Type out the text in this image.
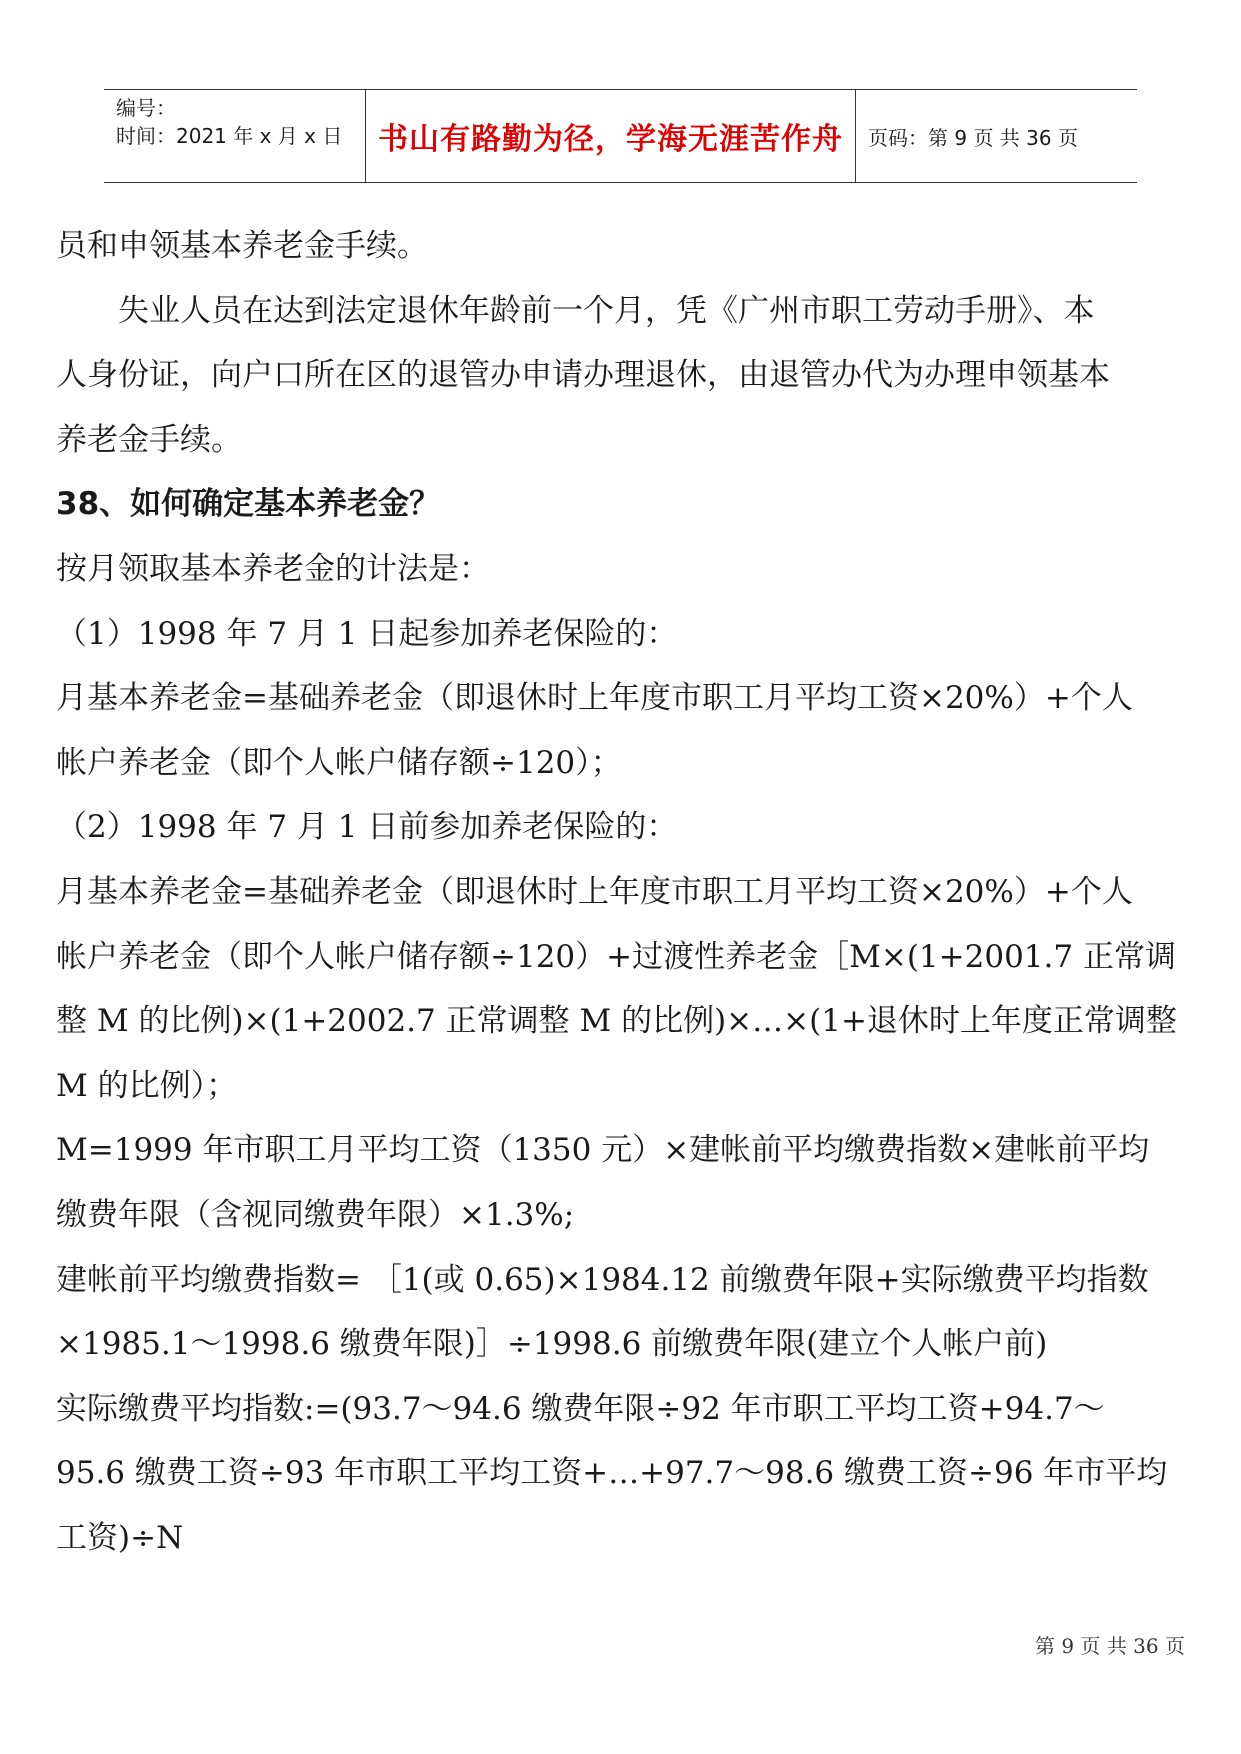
编号：
时间：2021 年 x 月 x 日	书山有路勤为径，学海无涯苦作舟 页码：第 9 页 共 36 页

员和申领基本养老金手续。

失业人员在达到法定退休年龄前一个月，凭《广州市职工劳动手册》、本

人身份证，向户口所在区的退管办申请办理退休，由退管办代为办理申领基本

养老金手续。

38、如何确定基本养老金？

按月领取基本养老金的计法是：

（1）1998 年 7 月 1 日起参加养老保险的：

月基本养老金=基础养老金（即退休时上年度市职工月平均工资×20%）+个人

帐户养老金（即个人帐户储存额÷120）；

（2）1998 年 7 月 1 日前参加养老保险的：

月基本养老金=基础养老金（即退休时上年度市职工月平均工资×20%）+个人

帐户养老金（即个人帐户储存额÷120）+过渡性养老金［M×(1+2001.7 正常调

整 M 的比例)×(1+2002.7 正常调整 M 的比例)×…×(1+退休时上年度正常调整

M 的比例）；

M=1999 年市职工月平均工资（1350 元）×建帐前平均缴费指数×建帐前平均

缴费年限（含视同缴费年限）×1.3%;

建帐前平均缴费指数= ［1(或 0.65)×1984.12 前缴费年限+实际缴费平均指数

×1985.1～1998.6 缴费年限)］÷1998.6 前缴费年限(建立个人帐户前)

实际缴费平均指数:=(93.7～94.6 缴费年限÷92 年市职工平均工资+94.7～

95.6 缴费工资÷93 年市职工平均工资+…+97.7～98.6 缴费工资÷96 年市平均

工资)÷N

第 9 页 共 36 页
